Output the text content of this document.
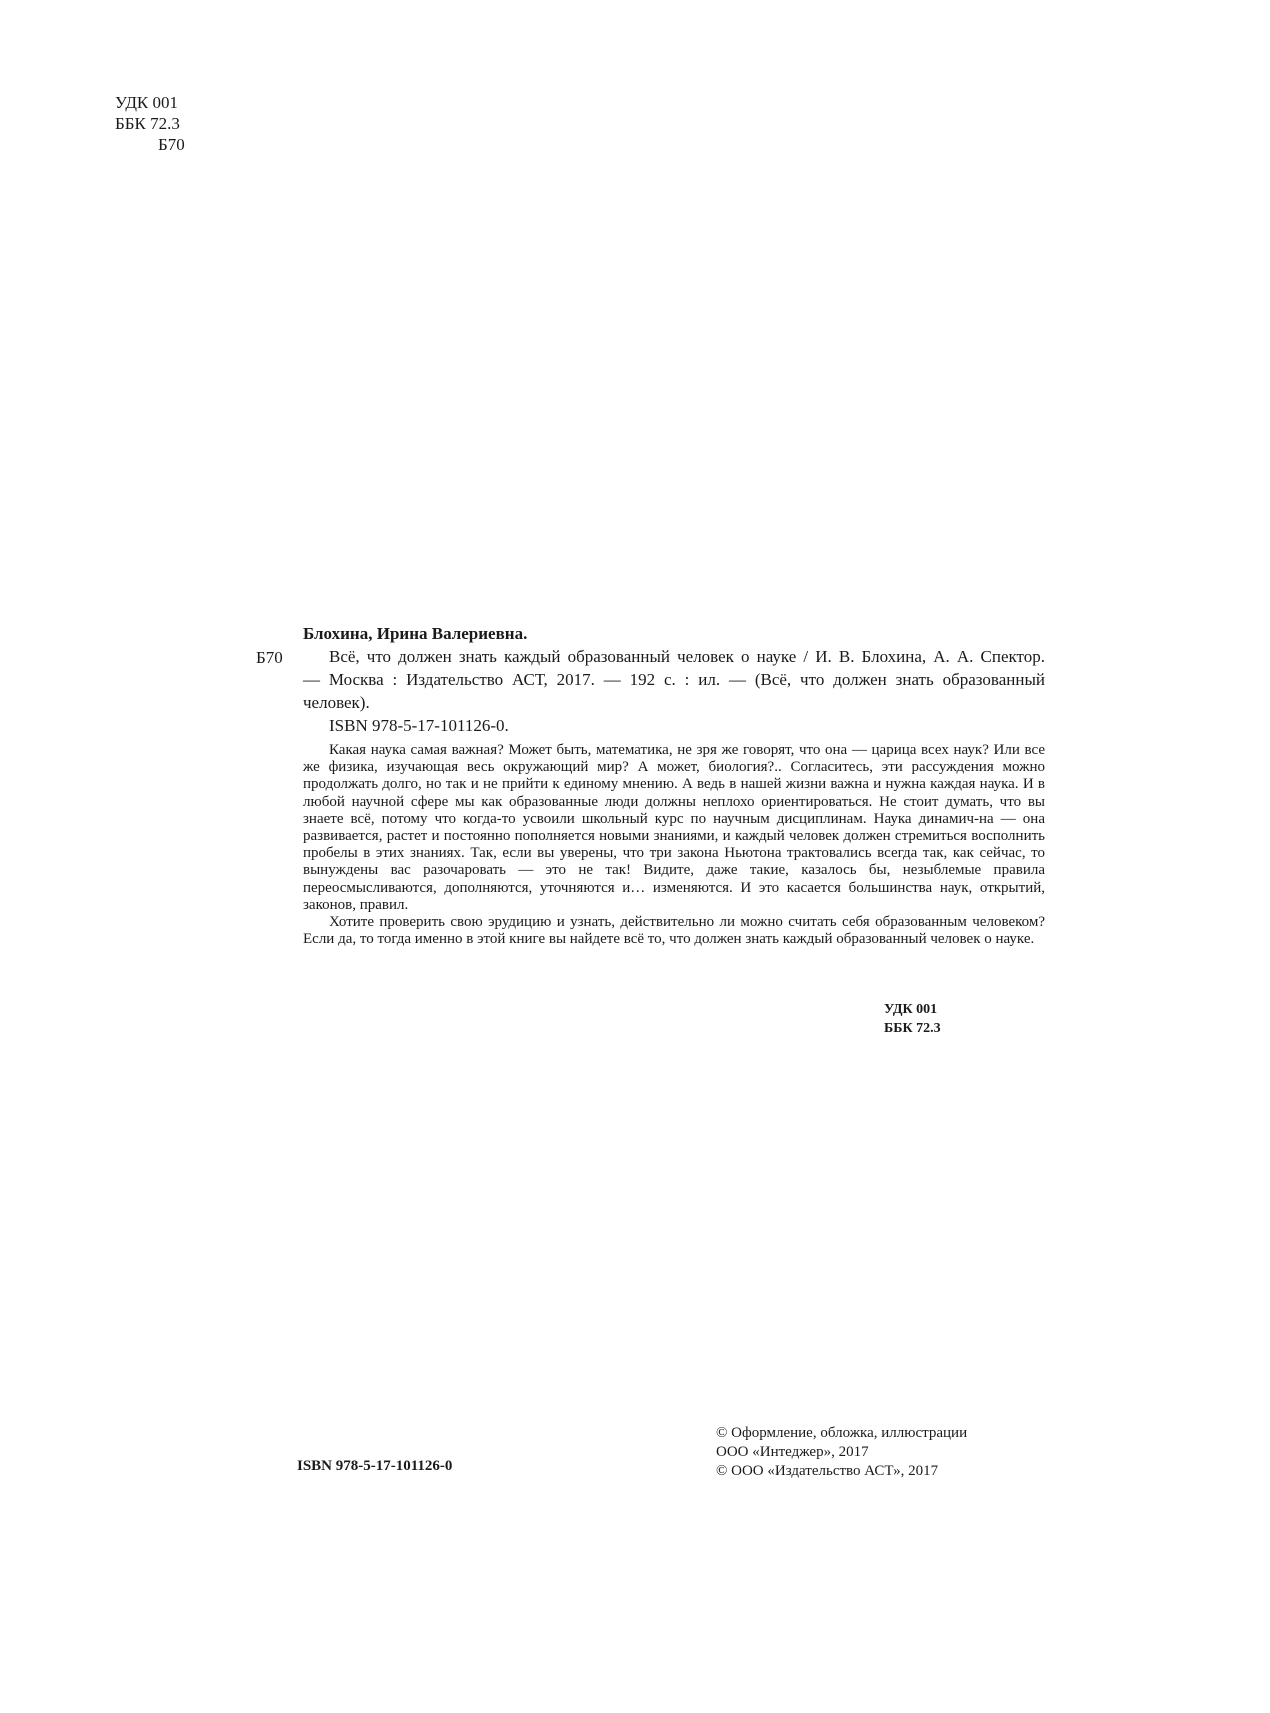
УДК 001
ББК 72.3
Б70
Б70
Блохина, Ирина Валериевна.

Всё, что должен знать каждый образованный человек о науке / И. В. Блохина, А. А. Спектор. — Москва : Издательство АСТ, 2017. — 192 с. : ил. — (Всё, что должен знать образованный человек).

ISBN 978-5-17-101126-0.

Какая наука самая важная? Может быть, математика, не зря же говорят, что она — царица всех наук? Или все же физика, изучающая весь окружающий мир? А может, биология?.. Согласитесь, эти рассуждения можно продолжать долго, но так и не прийти к единому мнению. А ведь в нашей жизни важна и нужна каждая наука. И в любой научной сфере мы как образованные люди должны неплохо ориентироваться. Не стоит думать, что вы знаете всё, потому что когда-то усвоили школьный курс по научным дисциплинам. Наука динамич-на — она развивается, растет и постоянно пополняется новыми знаниями, и каждый человек должен стремиться восполнить пробелы в этих знаниях. Так, если вы уверены, что три закона Ньютона трактовались всегда так, как сейчас, то вынуждены вас разочаровать — это не так! Видите, даже такие, казалось бы, незыблемые правила переосмысливаются, дополняются, уточняются и… изменяются. И это касается большинства наук, открытий, законов, правил.

Хотите проверить свою эрудицию и узнать, действительно ли можно считать себя образованным человеком? Если да, то тогда именно в этой книге вы найдете всё то, что должен знать каждый образованный человек о науке.

УДК 001
ББК 72.3
ISBN 978-5-17-101126-0
© Оформление, обложка, иллюстрации
ООО «Интеджер», 2017
© ООО «Издательство АСТ», 2017
